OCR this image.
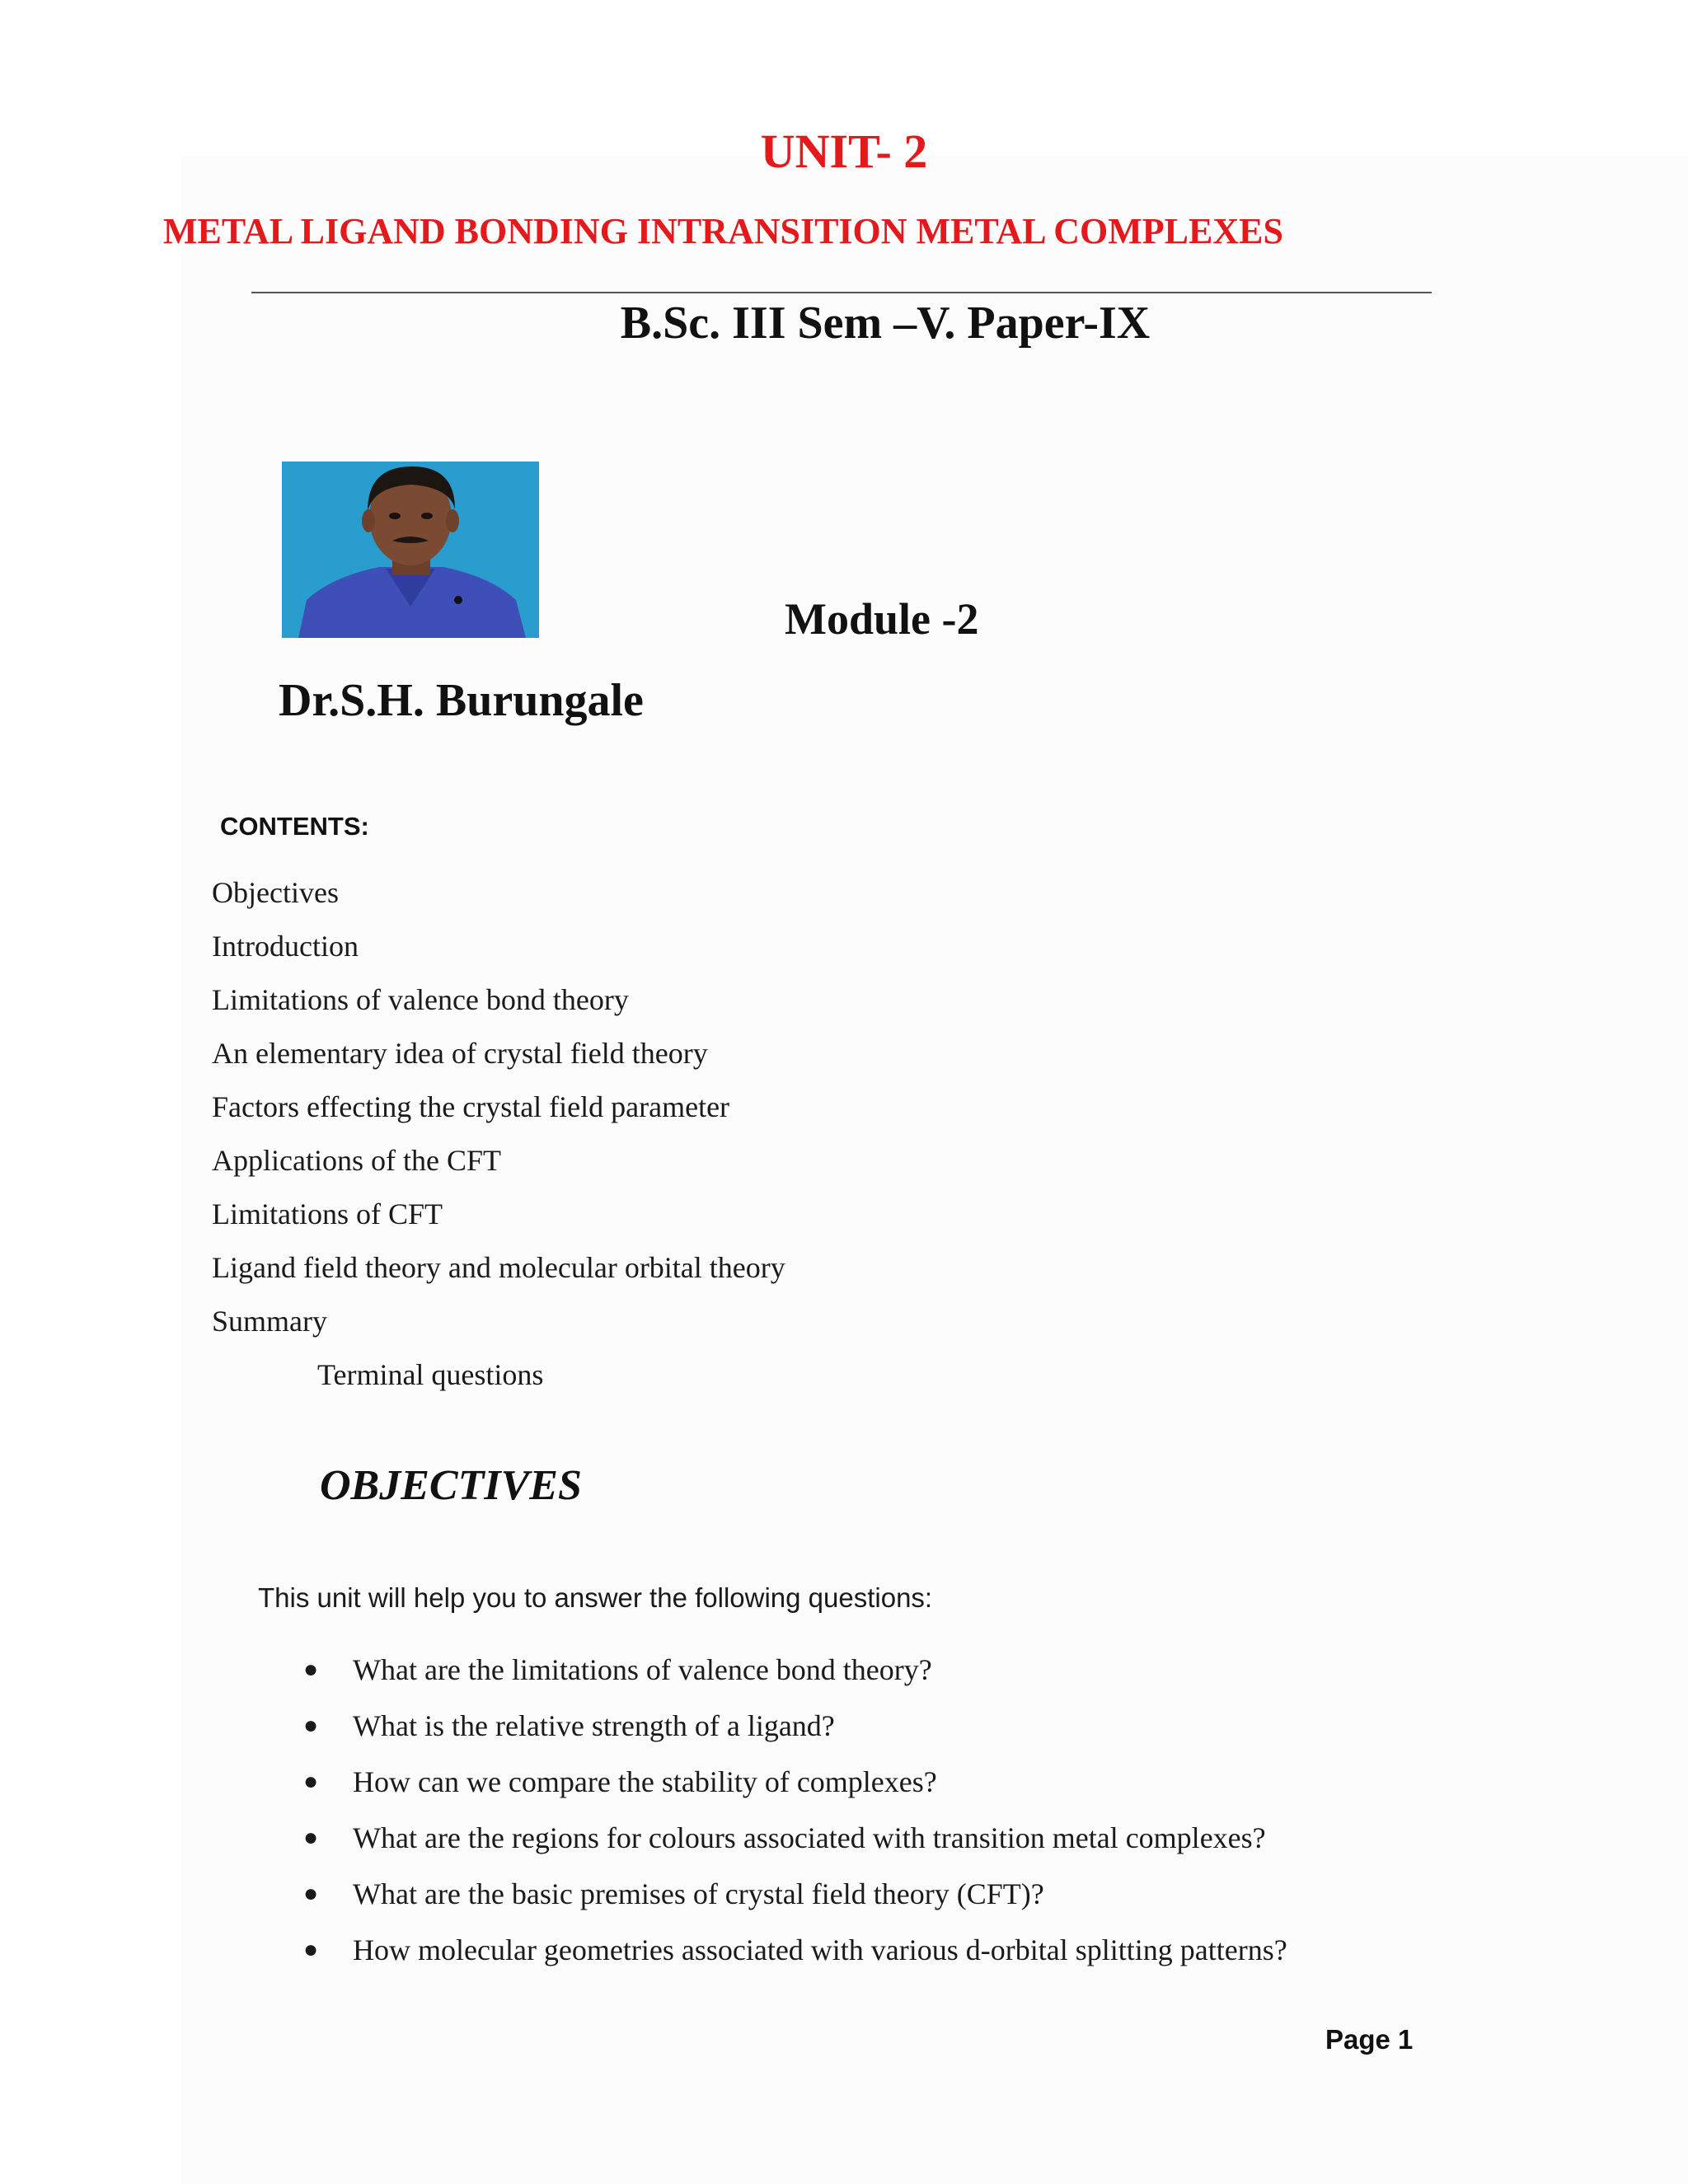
UNIT- 2
METAL LIGAND BONDING INTRANSITION METAL COMPLEXES
B.Sc. III Sem –V. Paper-IX
Module -2
Dr.S.H. Burungale
CONTENTS:
Objectives
Introduction
Limitations of valence bond theory
An elementary idea of crystal field theory
Factors effecting the crystal field parameter
Applications of the CFT
Limitations of CFT
Ligand field theory and molecular orbital theory
Summary
Terminal questions
OBJECTIVES

This unit will help you to answer the following questions:

● What are the limitations of valence bond theory?
● What is the relative strength of a ligand?
● How can we compare the stability of complexes?
● What are the regions for colours associated with transition metal complexes?
● What are the basic premises of crystal field theory (CFT)?
● How molecular geometries associated with various d-orbital splitting patterns?
Page 1
